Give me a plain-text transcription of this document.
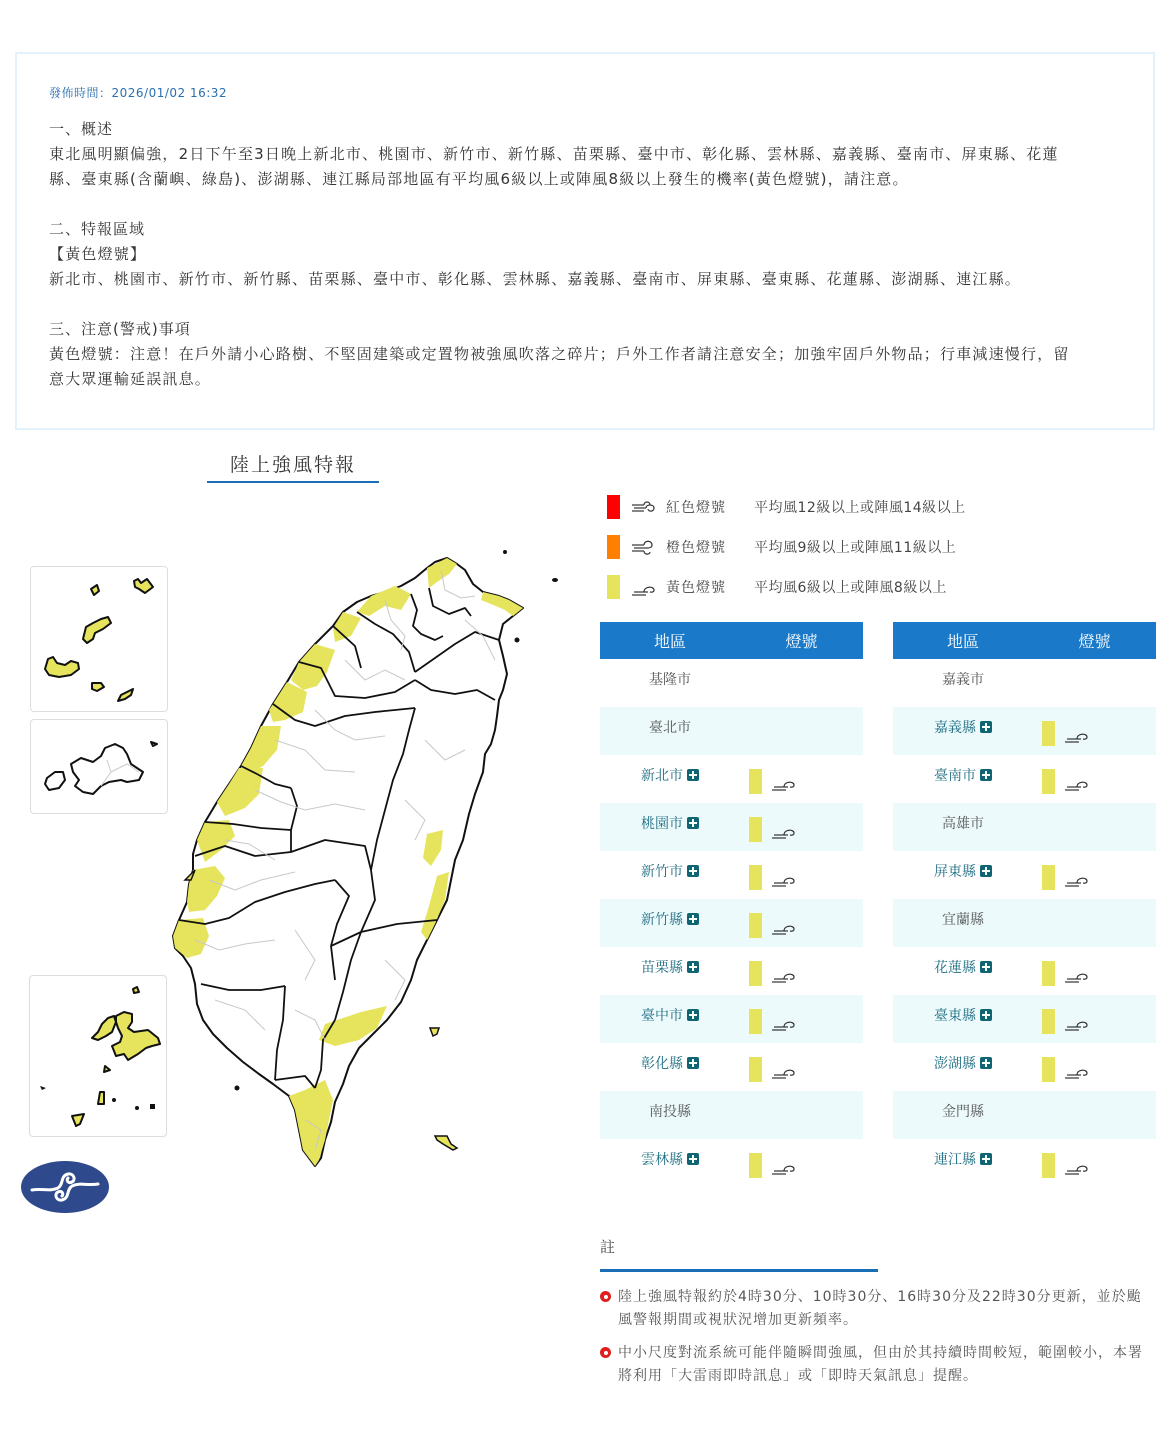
發佈時間：2026/01/02 16:32
一、概述
東北風明顯偏強，2日下午至3日晚上新北市、桃園市、新竹市、新竹縣、苗栗縣、臺中市、彰化縣、雲林縣、嘉義縣、臺南市、屏東縣、花蓮
縣、臺東縣(含蘭嶼、綠島)、澎湖縣、連江縣局部地區有平均風6級以上或陣風8級以上發生的機率(黃色燈號)，請注意。
二、特報區域
【黃色燈號】
新北市、桃園市、新竹市、新竹縣、苗栗縣、臺中市、彰化縣、雲林縣、嘉義縣、臺南市、屏東縣、臺東縣、花蓮縣、澎湖縣、連江縣。
三、注意(警戒)事項
黃色燈號：注意！在戶外請小心路樹、不堅固建築或定置物被強風吹落之碎片；戶外工作者請注意安全；加強牢固戶外物品；行車減速慢行，留
意大眾運輸延誤訊息。
陸上強風特報
紅色燈號	平均風12級以上或陣風14級以上
橙色燈號	平均風9級以上或陣風11級以上
黃色燈號	平均風6級以上或陣風8級以上
地區	燈號
基隆市
臺北市
新北市
桃園市
新竹市
新竹縣
苗栗縣
臺中市
彰化縣
南投縣
雲林縣
地區	燈號
嘉義市
嘉義縣
臺南市
高雄市
屏東縣
宜蘭縣
花蓮縣
臺東縣
澎湖縣
金門縣
連江縣
註
陸上強風特報約於4時30分、10時30分、16時30分及22時30分更新，並於颱風警報期間或視狀況增加更新頻率。
中小尺度對流系統可能伴隨瞬間強風，但由於其持續時間較短，範圍較小，本署將利用「大雷雨即時訊息」或「即時天氣訊息」提醒。
